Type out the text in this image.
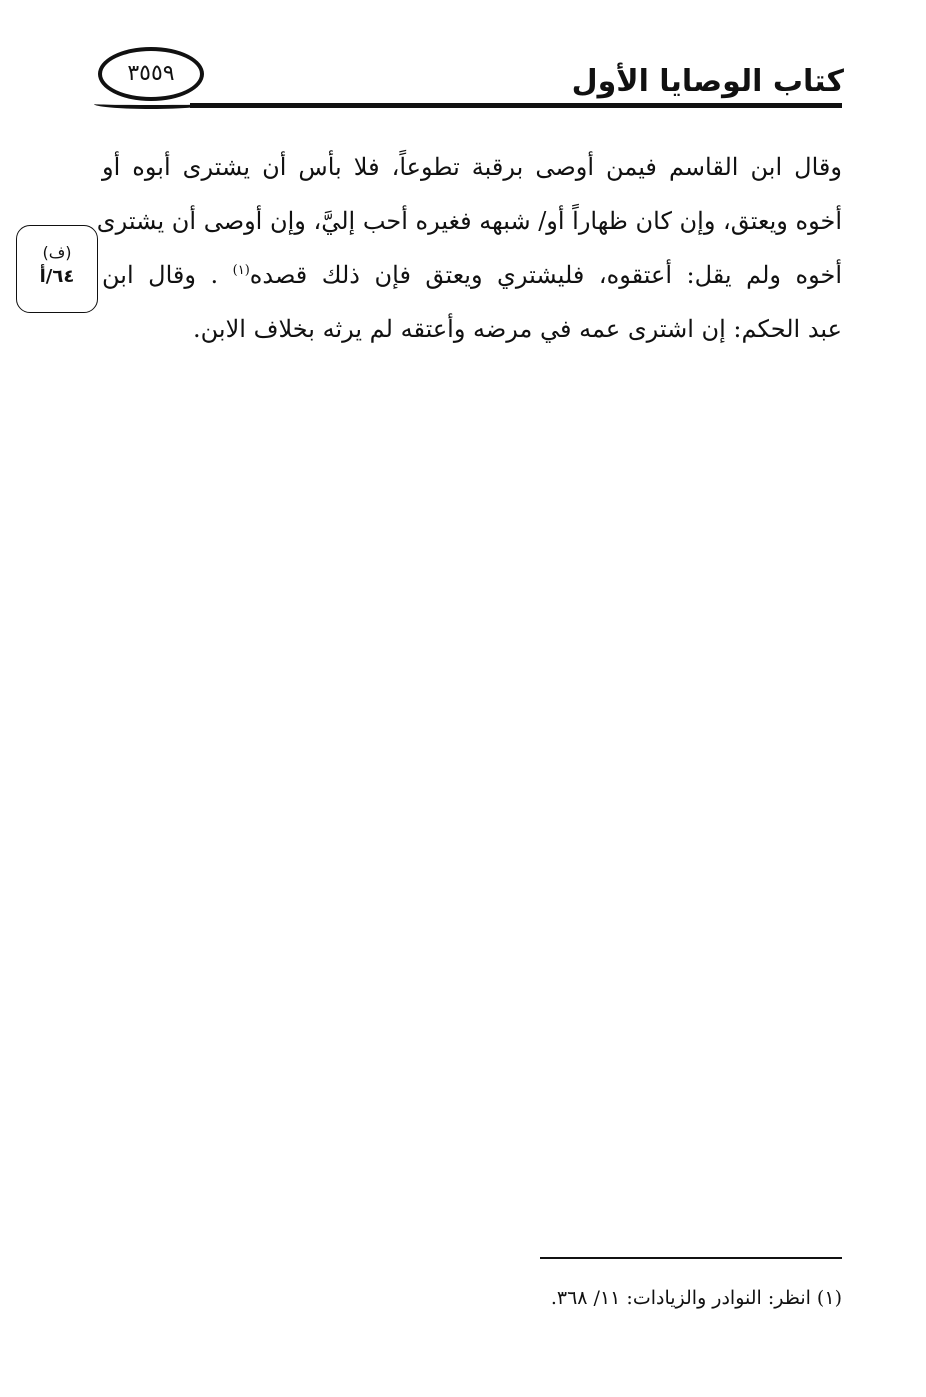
٣٥٥٩	كتاب الوصايا الأول
(ف)
٦٤/أ
وقال ابن القاسم فيمن أوصى برقبة تطوعاً، فلا بأس أن يشترى أبوه أو
أخوه ويعتق، وإن كان ظهاراً أو/ شبهه فغيره أحب إليَّ، وإن أوصى أن يشترى
أخوه ولم يقل: أعتقوه، فليشتري ويعتق فإن ذلك قصده$^{(١)}$ . وقال ابن
عبد الحكم: إن اشترى عمه في مرضه وأعتقه لم يرثه بخلاف الابن.
(١) انظر: النوادر والزيادات: ١١/ ٣٦٨.
